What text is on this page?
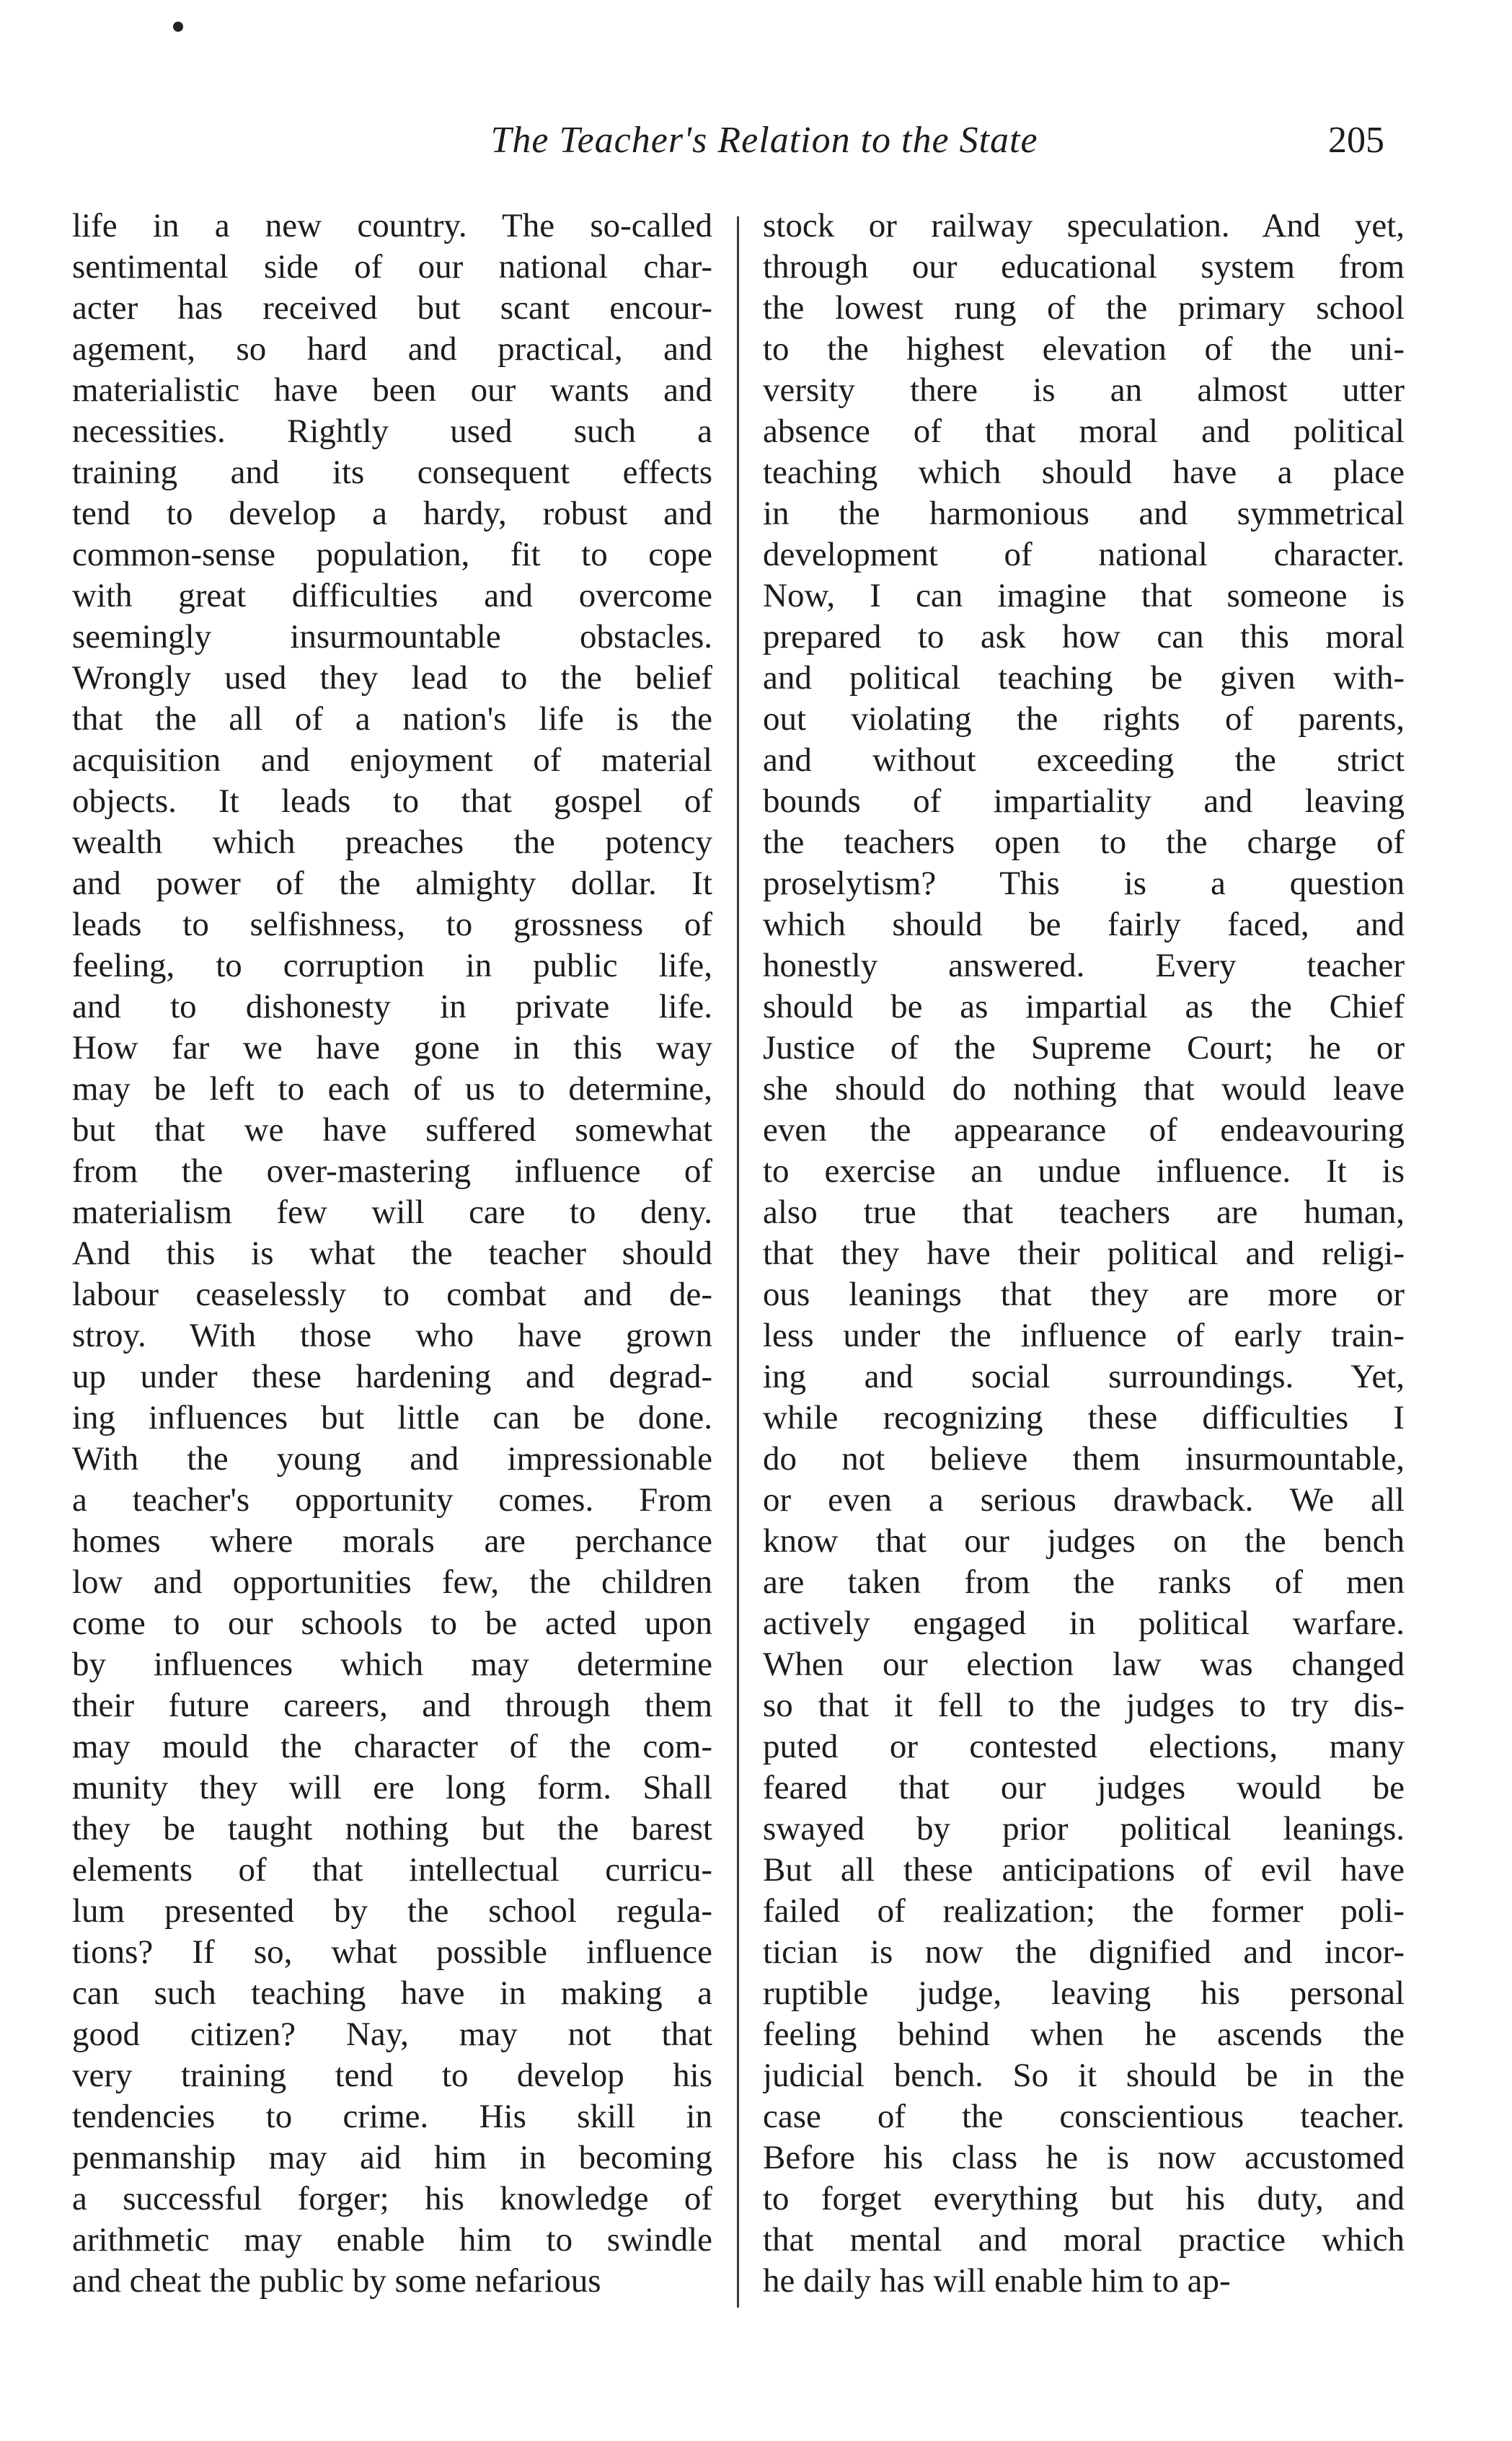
The Teacher's Relation to the State	205
life in a new country. The so-called
sentimental side of our national char-
acter has received but scant encour-
agement, so hard and practical, and
materialistic have been our wants and
necessities. Rightly used such a
training and its consequent effects
tend to develop a hardy, robust and
common-sense population, fit to cope
with great difficulties and overcome
seemingly insurmountable obstacles.
Wrongly used they lead to the belief
that the all of a nation's life is the
acquisition and enjoyment of material
objects. It leads to that gospel of
wealth which preaches the potency
and power of the almighty dollar. It
leads to selfishness, to grossness of
feeling, to corruption in public life,
and to dishonesty in private life.
How far we have gone in this way
may be left to each of us to determine,
but that we have suffered somewhat
from the over-mastering influence of
materialism few will care to deny.
And this is what the teacher should
labour ceaselessly to combat and de-
stroy. With those who have grown
up under these hardening and degrad-
ing influences but little can be done.
With the young and impressionable
a teacher's opportunity comes. From
homes where morals are perchance
low and opportunities few, the children
come to our schools to be acted upon
by influences which may determine
their future careers, and through them
may mould the character of the com-
munity they will ere long form. Shall
they be taught nothing but the barest
elements of that intellectual curricu-
lum presented by the school regula-
tions? If so, what possible influence
can such teaching have in making a
good citizen? Nay, may not that
very training tend to develop his
tendencies to crime. His skill in
penmanship may aid him in becoming
a successful forger; his knowledge of
arithmetic may enable him to swindle
and cheat the public by some nefarious
stock or railway speculation. And yet,
through our educational system from
the lowest rung of the primary school
to the highest elevation of the uni-
versity there is an almost utter
absence of that moral and political
teaching which should have a place
in the harmonious and symmetrical
development of national character.
Now, I can imagine that someone is
prepared to ask how can this moral
and political teaching be given with-
out violating the rights of parents,
and without exceeding the strict
bounds of impartiality and leaving
the teachers open to the charge of
proselytism? This is a question
which should be fairly faced, and
honestly answered. Every teacher
should be as impartial as the Chief
Justice of the Supreme Court; he or
she should do nothing that would leave
even the appearance of endeavouring
to exercise an undue influence. It is
also true that teachers are human,
that they have their political and religi-
ous leanings that they are more or
less under the influence of early train-
ing and social surroundings. Yet,
while recognizing these difficulties I
do not believe them insurmountable,
or even a serious drawback. We all
know that our judges on the bench
are taken from the ranks of men
actively engaged in political warfare.
When our election law was changed
so that it fell to the judges to try dis-
puted or contested elections, many
feared that our judges would be
swayed by prior political leanings.
But all these anticipations of evil have
failed of realization; the former poli-
tician is now the dignified and incor-
ruptible judge, leaving his personal
feeling behind when he ascends the
judicial bench. So it should be in the
case of the conscientious teacher.
Before his class he is now accustomed
to forget everything but his duty, and
that mental and moral practice which
he daily has will enable him to ap-
